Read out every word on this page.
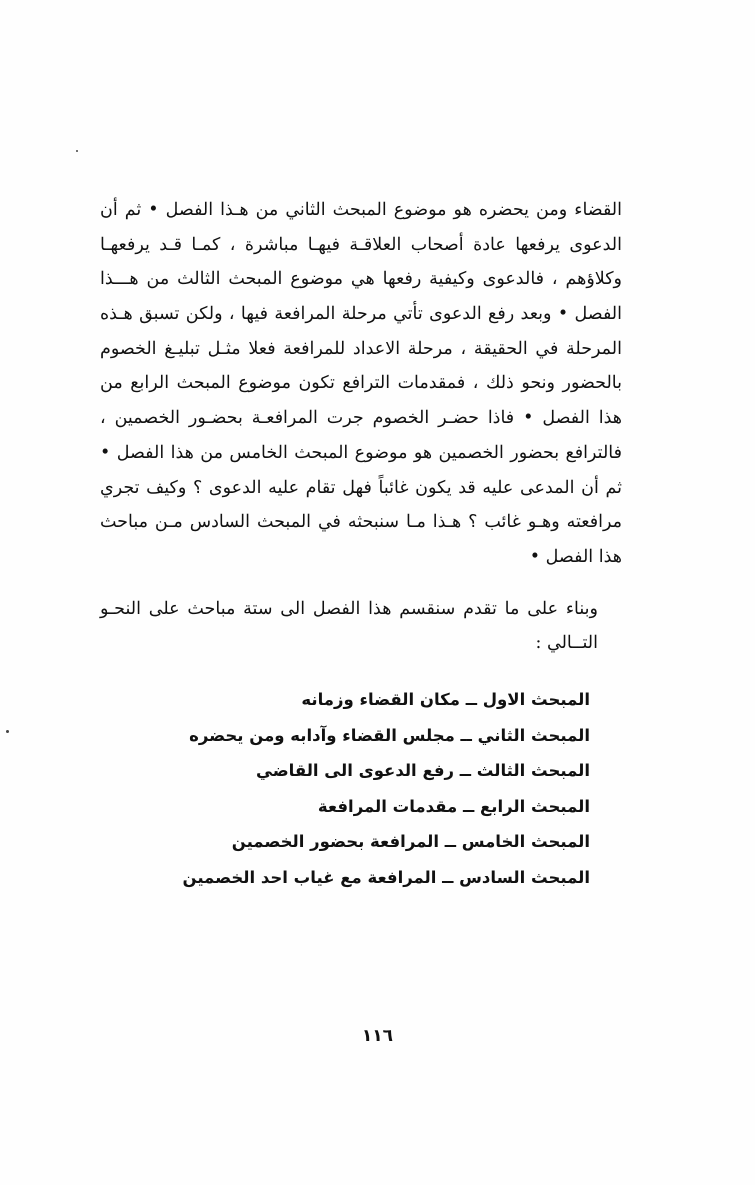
القضاء ومن يحضره هو موضوع المبحث الثاني من هـذا الفصل • ثم أن
الدعوى يرفعها عادة أصحاب العلاقـة فيهـا مباشرة ، كمـا قـد يرفعهـا
وكلاؤهم ، فالدعوى وكيفية رفعها هي موضوع المبحث الثالث من هـــذا
الفصل • وبعد رفع الدعوى تأتي مرحلة المرافعة فيها ، ولكن تسبق هـذه
المرحلة في الحقيقة ، مرحلة الاعداد للمرافعة فعلا مثـل تبليـغ الخصوم
بالحضور ونحو ذلك ، فمقدمات الترافع تكون موضوع المبحث الرابع من
هذا الفصل • فاذا حضـر الخصوم جرت المرافعـة بحضـور الخصمين ،
فالترافع بحضور الخصمين هو موضوع المبحث الخامس من هذا الفصل •
ثم أن المدعى عليه قد يكون غائباً فهل تقام عليه الدعوى ؟ وكيف تجري
مرافعته وهـو غائب ؟ هـذا مـا سنبحثه في المبحث السادس مـن مباحث
هذا الفصل •
وبناء على ما تقدم سنقسم هذا الفصل الى ستة مباحث على النحـو
التــالي :
المبحث الاول ــ مكان القضاء وزمانه
المبحث الثاني ــ مجلس القضاء وآدابه ومن يحضره
المبحث الثالث ــ رفع الدعوى الى القاضي
المبحث الرابع ــ مقدمات المرافعة
المبحث الخامس ــ المرافعة بحضور الخصمين
المبحث السادس ــ المرافعة مع غياب احد الخصمين
١١٦
